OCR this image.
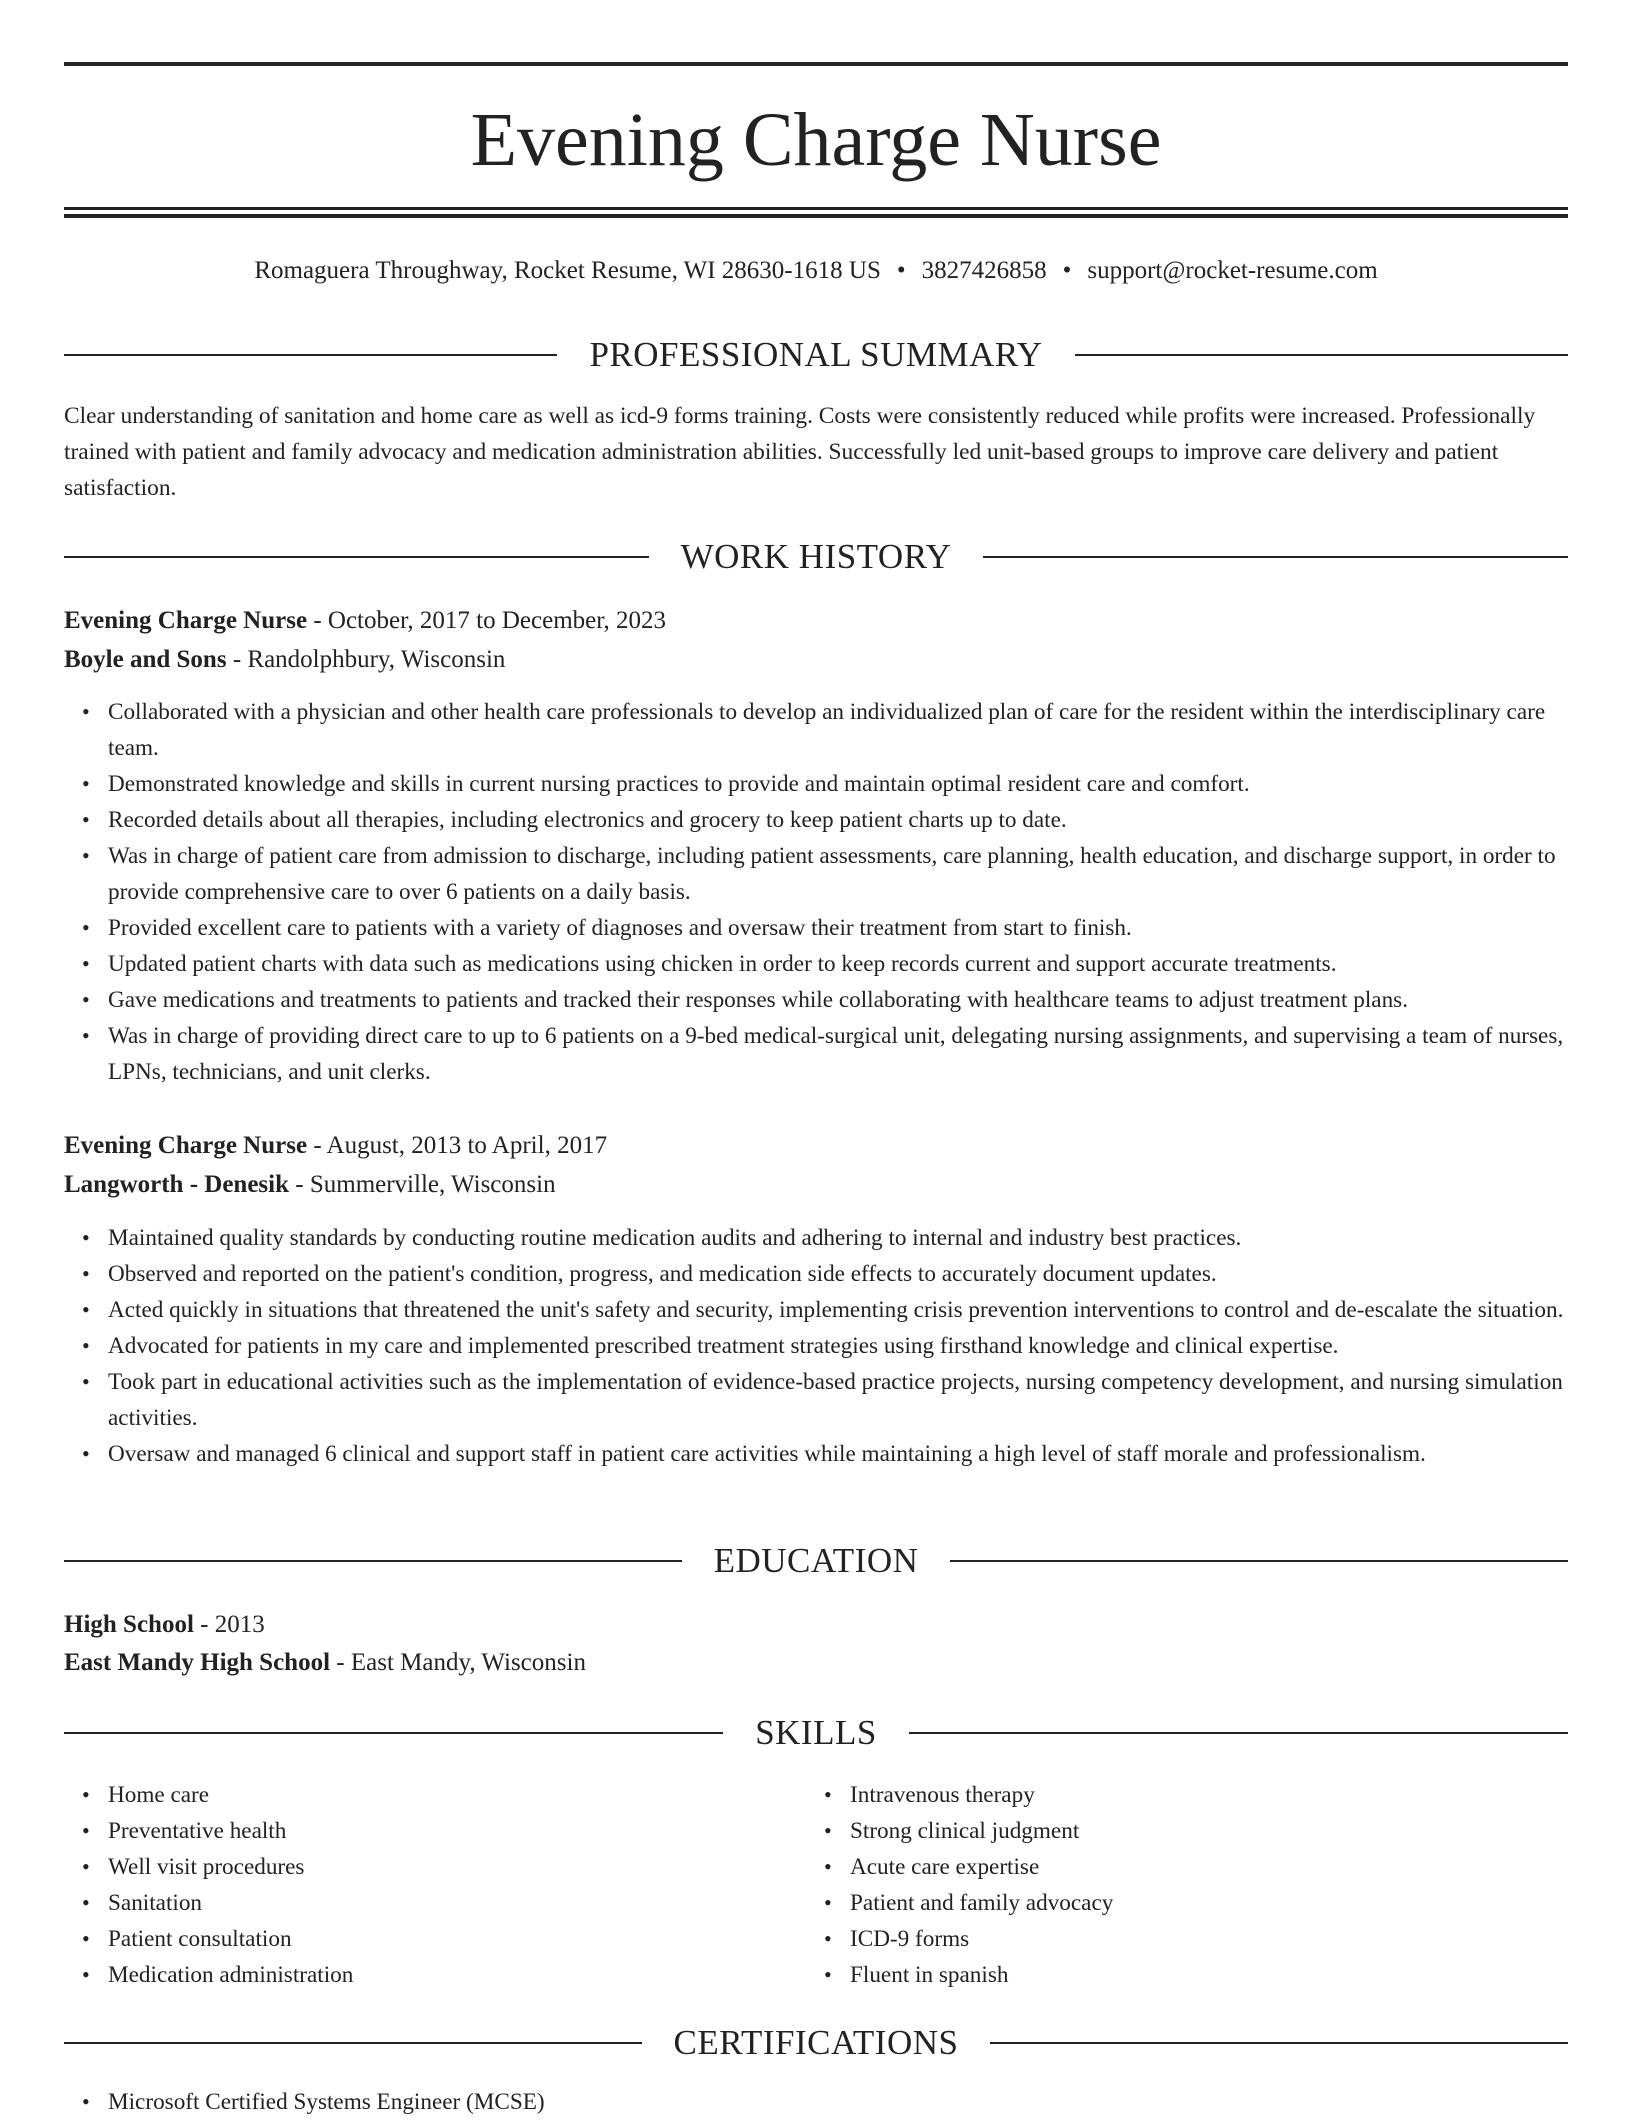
Evening Charge Nurse
Romaguera Throughway, Rocket Resume, WI 28630-1618 US • 3827426858 • support@rocket-resume.com
PROFESSIONAL SUMMARY
Clear understanding of sanitation and home care as well as icd-9 forms training. Costs were consistently reduced while profits were increased. Professionally trained with patient and family advocacy and medication administration abilities. Successfully led unit-based groups to improve care delivery and patient satisfaction.
WORK HISTORY
Evening Charge Nurse - October, 2017 to December, 2023
Boyle and Sons - Randolphbury, Wisconsin
• Collaborated with a physician and other health care professionals to develop an individualized plan of care for the resident within the interdisciplinary care team.
• Demonstrated knowledge and skills in current nursing practices to provide and maintain optimal resident care and comfort.
• Recorded details about all therapies, including electronics and grocery to keep patient charts up to date.
• Was in charge of patient care from admission to discharge, including patient assessments, care planning, health education, and discharge support, in order to provide comprehensive care to over 6 patients on a daily basis.
• Provided excellent care to patients with a variety of diagnoses and oversaw their treatment from start to finish.
• Updated patient charts with data such as medications using chicken in order to keep records current and support accurate treatments.
• Gave medications and treatments to patients and tracked their responses while collaborating with healthcare teams to adjust treatment plans.
• Was in charge of providing direct care to up to 6 patients on a 9-bed medical-surgical unit, delegating nursing assignments, and supervising a team of nurses, LPNs, technicians, and unit clerks.
Evening Charge Nurse - August, 2013 to April, 2017
Langworth - Denesik - Summerville, Wisconsin
• Maintained quality standards by conducting routine medication audits and adhering to internal and industry best practices.
• Observed and reported on the patient's condition, progress, and medication side effects to accurately document updates.
• Acted quickly in situations that threatened the unit's safety and security, implementing crisis prevention interventions to control and de-escalate the situation.
• Advocated for patients in my care and implemented prescribed treatment strategies using firsthand knowledge and clinical expertise.
• Took part in educational activities such as the implementation of evidence-based practice projects, nursing competency development, and nursing simulation activities.
• Oversaw and managed 6 clinical and support staff in patient care activities while maintaining a high level of staff morale and professionalism.
EDUCATION
High School - 2013
East Mandy High School - East Mandy, Wisconsin
SKILLS
• Home care
• Preventative health
• Well visit procedures
• Sanitation
• Patient consultation
• Medication administration
• Intravenous therapy
• Strong clinical judgment
• Acute care expertise
• Patient and family advocacy
• ICD-9 forms
• Fluent in spanish
CERTIFICATIONS
• Microsoft Certified Systems Engineer (MCSE)
